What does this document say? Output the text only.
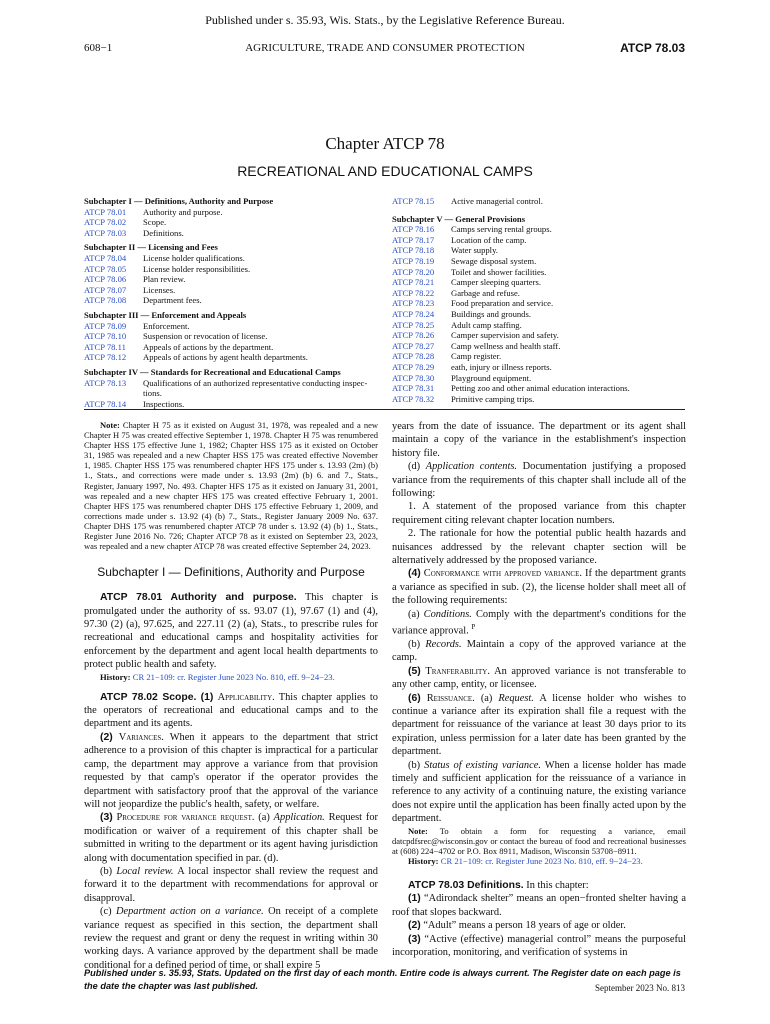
Published under s. 35.93, Wis. Stats., by the Legislative Reference Bureau.
608−1	AGRICULTURE, TRADE AND CONSUMER PROTECTION	ATCP 78.03
Chapter ATCP 78
RECREATIONAL AND EDUCATIONAL CAMPS
Subchapter I — Definitions, Authority and Purpose
ATCP 78.01	Authority and purpose.
ATCP 78.02	Scope.
ATCP 78.03	Definitions.
Subchapter II — Licensing and Fees
ATCP 78.04	License holder qualifications.
ATCP 78.05	License holder responsibilities.
ATCP 78.06	Plan review.
ATCP 78.07	Licenses.
ATCP 78.08	Department fees.
Subchapter III — Enforcement and Appeals
ATCP 78.09	Enforcement.
ATCP 78.10	Suspension or revocation of license.
ATCP 78.11	Appeals of actions by the department.
ATCP 78.12	Appeals of actions by agent health departments.
Subchapter IV — Standards for Recreational and Educational Camps
ATCP 78.13	Qualifications of an authorized representative conducting inspec- tions.
ATCP 78.14	Inspections.
ATCP 78.15	Active managerial control.
Subchapter V — General Provisions
ATCP 78.16	Camps serving rental groups.
ATCP 78.17	Location of the camp.
ATCP 78.18	Water supply.
ATCP 78.19	Sewage disposal system.
ATCP 78.20	Toilet and shower facilities.
ATCP 78.21	Camper sleeping quarters.
ATCP 78.22	Garbage and refuse.
ATCP 78.23	Food preparation and service.
ATCP 78.24	Buildings and grounds.
ATCP 78.25	Adult camp staffing.
ATCP 78.26	Camper supervision and safety.
ATCP 78.27	Camp wellness and health staff.
ATCP 78.28	Camp register.
ATCP 78.29	eath, injury or illness reports.
ATCP 78.30	Playground equipment.
ATCP 78.31	Petting zoo and other animal education interactions.
ATCP 78.32	Primitive camping trips.

Note: Chapter H 75 as it existed on August 31, 1978, was repealed and a new Chapter H 75 was created effective September 1, 1978. Chapter H 75 was renumbered Chapter HSS 175 effective June 1, 1982; Chapter HSS 175 as it existed on October 31, 1985 was repealed and a new Chapter HSS 175 was created effective November 1, 1985. Chapter HSS 175 was renumbered chapter HFS 175 under s. 13.93 (2m) (b) 1., Stats., and corrections were made under s. 13.93 (2m) (b) 6. and 7., Stats., Register, January 1997, No. 493. Chapter HFS 175 as it existed on January 31, 2001, was repealed and a new chapter HFS 175 was created effective February 1, 2001. Chapter HFS 175 was renumbered chapter DHS 175 effective February 1, 2009, and corrections made under s. 13.92 (4) (b) 7., Stats., Register January 2009 No. 637. Chapter DHS 175 was renumbered chapter ATCP 78 under s. 13.92 (4) (b) 1., Stats., Register June 2016 No. 726; Chapter ATCP 78 as it existed on September 23, 2023, was repealed and a new chapter ATCP 78 was created effective September 24, 2023.

Subchapter I — Definitions, Authority and Purpose

ATCP 78.01 Authority and purpose. This chapter is promulgated under the authority of ss. 93.07 (1), 97.67 (1) and (4), 97.30 (2) (a), 97.625, and 227.11 (2) (a), Stats., to prescribe rules for recreational and educational camps and hospitality activities for enforcement by the department and agent local health departments to protect public health and safety.

History: CR 21−109: cr. Register June 2023 No. 810, eff. 9−24−23.

ATCP 78.02 Scope. (1) Applicability. This chapter applies to the operators of recreational and educational camps and to the department and its agents.

(2) Variances. When it appears to the department that strict adherence to a provision of this chapter is impractical for a particular camp, the department may approve a variance from that provision requested by that camp's operator if the operator provides the department with satisfactory proof that the approval of the variance will not jeopardize the public's health, safety, or welfare.

(3) Procedure for variance request. (a) Application. Request for modification or waiver of a requirement of this chapter shall be submitted in writing to the department or its agent having jurisdiction along with documentation specified in par. (d).

(b) Local review. A local inspector shall review the request and forward it to the department with recommendations for approval or disapproval.

(c) Department action on a variance. On receipt of a complete variance request as specified in this section, the department shall review the request and grant or deny the request in writing within 30 working days. A variance approved by the department shall be made conditional for a defined period of time, or shall expire 5

years from the date of issuance. The department or its agent shall maintain a copy of the variance in the establishment's inspection history file.

(d) Application contents. Documentation justifying a proposed variance from the requirements of this chapter shall include all of the following:

1. A statement of the proposed variance from this chapter requirement citing relevant chapter location numbers.

2. The rationale for how the potential public health hazards and nuisances addressed by the relevant chapter section will be alternatively addressed by the proposed variance.

(4) Conformance with approved variance. If the department grants a variance as specified in sub. (2), the license holder shall meet all of the following requirements:

(a) Conditions. Comply with the department's conditions for the variance approval. $^P$

(b) Records. Maintain a copy of the approved variance at the camp.

(5) Tranferability. An approved variance is not transferable to any other camp, entity, or licensee.

(6) Reissuance. (a) Request. A license holder who wishes to continue a variance after its expiration shall file a request with the department for reissuance of the variance at least 30 days prior to its expiration, unless permission for a later date has been granted by the department.

(b) Status of existing variance. When a license holder has made timely and sufficient application for the reissuance of a variance in reference to any activity of a continuing nature, the existing variance does not expire until the application has been finally acted upon by the department.

Note: To obtain a form for requesting a variance, email datcpdfsrec@wisconsin.gov or contact the bureau of food and recreational businesses at (608) 224−4702 or P.O. Box 8911, Madison, Wisconsin 53708−8911.

History: CR 21−109: cr. Register June 2023 No. 810, eff. 9−24−23.

ATCP 78.03 Definitions. In this chapter:

(1) “Adirondack shelter” means an open−fronted shelter having a roof that slopes backward.

(2) “Adult” means a person 18 years of age or older.

(3) “Active (effective) managerial control” means the purposeful incorporation, monitoring, and verification of systems in

Published under s. 35.93, Stats. Updated on the first day of each month. Entire code is always current. The Register date on each page is the date the chapter was last published.	September 2023 No. 813
